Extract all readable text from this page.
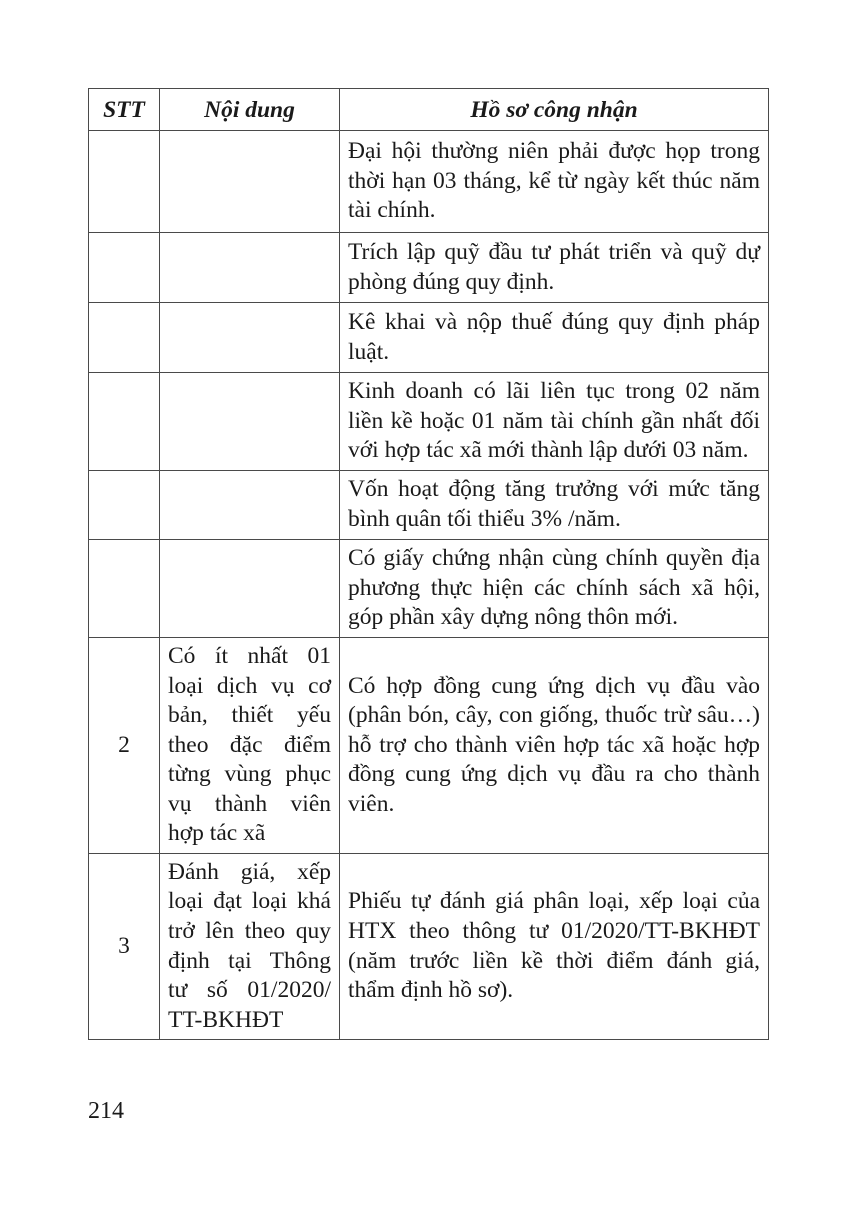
STT	Nội dung	Hồ sơ công nhận
		Đại hội thường niên phải được họp trong thời hạn 03 tháng, kể từ ngày kết thúc năm tài chính.
		Trích lập quỹ đầu tư phát triển và quỹ dự phòng đúng quy định.
		Kê khai và nộp thuế đúng quy định pháp luật.
		Kinh doanh có lãi liên tục trong 02 năm liền kề hoặc 01 năm tài chính gần nhất đối với hợp tác xã mới thành lập dưới 03 năm.
		Vốn hoạt động tăng trưởng với mức tăng bình quân tối thiểu 3% /năm.
		Có giấy chứng nhận cùng chính quyền địa phương thực hiện các chính sách xã hội, góp phần xây dựng nông thôn mới.
2	Có ít nhất 01 loại dịch vụ cơ bản, thiết yếu theo đặc điểm từng vùng phục vụ thành viên hợp tác xã	Có hợp đồng cung ứng dịch vụ đầu vào (phân bón, cây, con giống, thuốc trừ sâu…) hỗ trợ cho thành viên hợp tác xã hoặc hợp đồng cung ứng dịch vụ đầu ra cho thành viên.
3	Đánh giá, xếp loại đạt loại khá trở lên theo quy định tại Thông tư số 01/2020/ TT-BKHĐT	Phiếu tự đánh giá phân loại, xếp loại của HTX theo thông tư 01/2020/TT-BKHĐT (năm trước liền kề thời điểm đánh giá, thẩm định hồ sơ).
214
